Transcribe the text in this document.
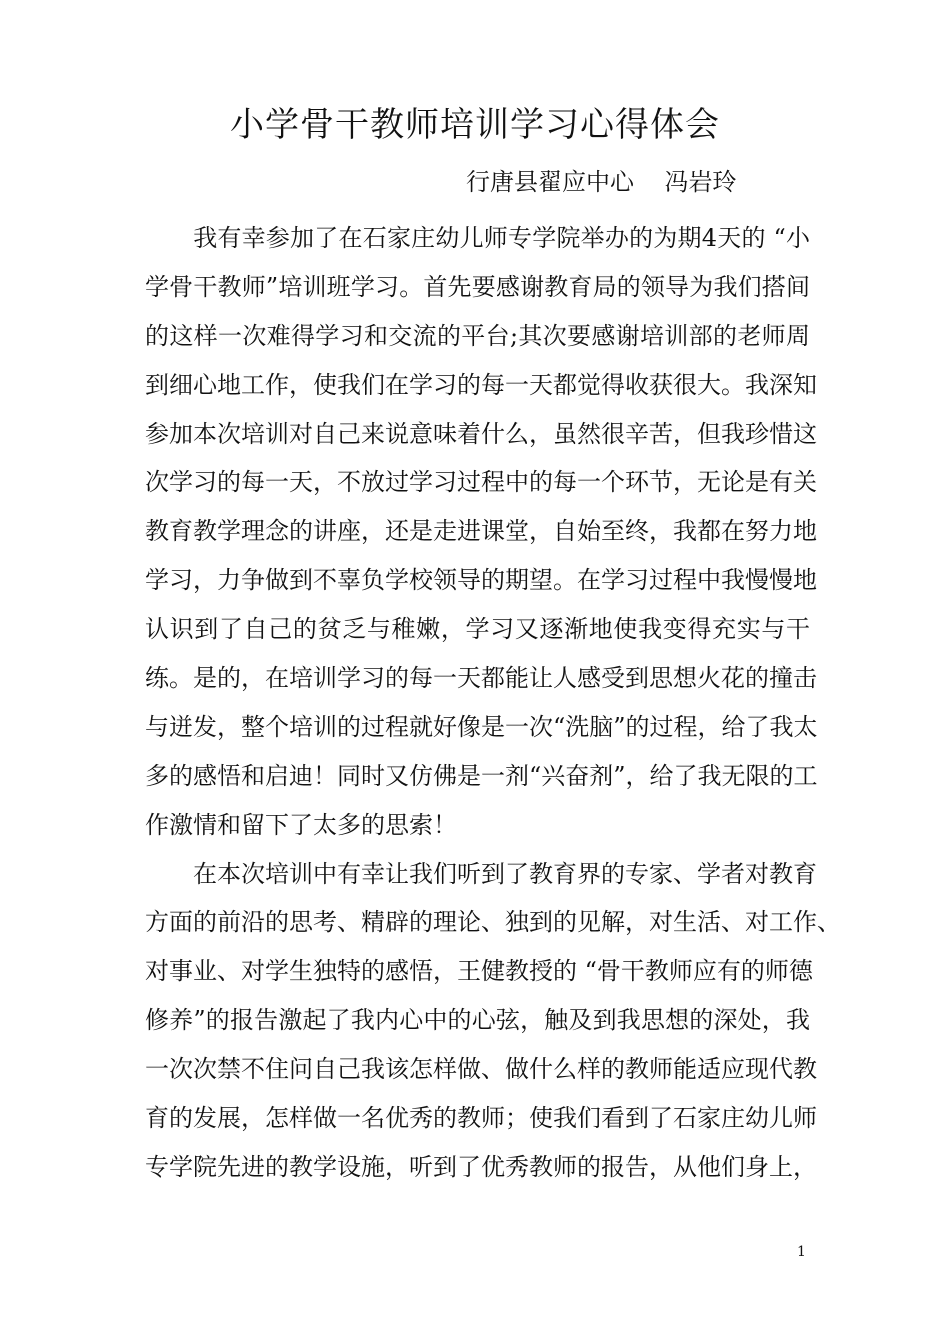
小学骨干教师培训学习心得体会
行唐县翟应中心    冯岩玲

我有幸参加了在石家庄幼儿师专学院举办的为期4天的 “小
学骨干教师”培训班学习。首先要感谢教育局的领导为我们搭间
的这样一次难得学习和交流的平台;其次要感谢培训部的老师周
到细心地工作，使我们在学习的每一天都觉得收获很大。我深知
参加本次培训对自己来说意味着什么，虽然很辛苦，但我珍惜这
次学习的每一天，不放过学习过程中的每一个环节，无论是有关
教育教学理念的讲座，还是走进课堂，自始至终，我都在努力地
学习，力争做到不辜负学校领导的期望。在学习过程中我慢慢地
认识到了自己的贫乏与稚嫩，学习又逐渐地使我变得充实与干
练。是的，在培训学习的每一天都能让人感受到思想火花的撞击
与迸发，整个培训的过程就好像是一次“洗脑”的过程，给了我太
多的感悟和启迪！同时又仿佛是一剂“兴奋剂”，给了我无限的工
作激情和留下了太多的思索！

在本次培训中有幸让我们听到了教育界的专家、学者对教育
方面的前沿的思考、精辟的理论、独到的见解，对生活、对工作、
对事业、对学生独特的感悟，王健教授的 “骨干教师应有的师德
修养”的报告激起了我内心中的心弦，触及到我思想的深处，我
一次次禁不住问自己我该怎样做、做什么样的教师能适应现代教
育的发展，怎样做一名优秀的教师；使我们看到了石家庄幼儿师
专学院先进的教学设施，听到了优秀教师的报告，从他们身上，

1
